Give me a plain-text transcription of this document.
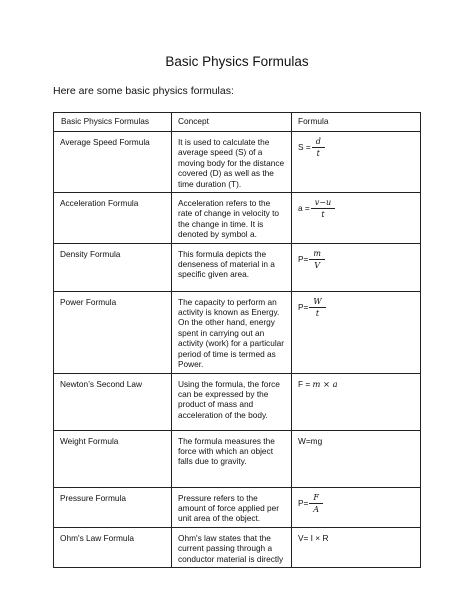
Basic Physics Formulas
Here are some basic physics formulas:
Basic Physics Formulas	Concept	Formula
Average Speed Formula	It is used to calculate the average speed (S) of a moving body for the distance covered (D) as well as the time duration (T).	$S = \frac{d}{t}$

Acceleration Formula	Acceleration refers to the rate of change in velocity to the change in time. It is denoted by symbol a.	$a = \frac{v-u}{t}$

Density Formula	This formula depicts the denseness of material in a specific given area.	$P= \frac{m}{V}$

Power Formula	The capacity to perform an activity is known as Energy. On the other hand, energy spent in carrying out an activity (work) for a particular period of time is termed as Power.	$P= \frac{W}{t}$

Newton’s Second Law	Using the formula, the force can be expressed by the product of mass and acceleration of the body.	F = m × a
Weight Formula	The formula measures the force with which an object falls due to gravity.	W=mg
Pressure Formula	Pressure refers to the amount of force applied per unit area of the object.	$P= \frac{F}{A}$

Ohm's Law Formula	Ohm's law states that the current passing through a conductor material is directly	V= I × R
